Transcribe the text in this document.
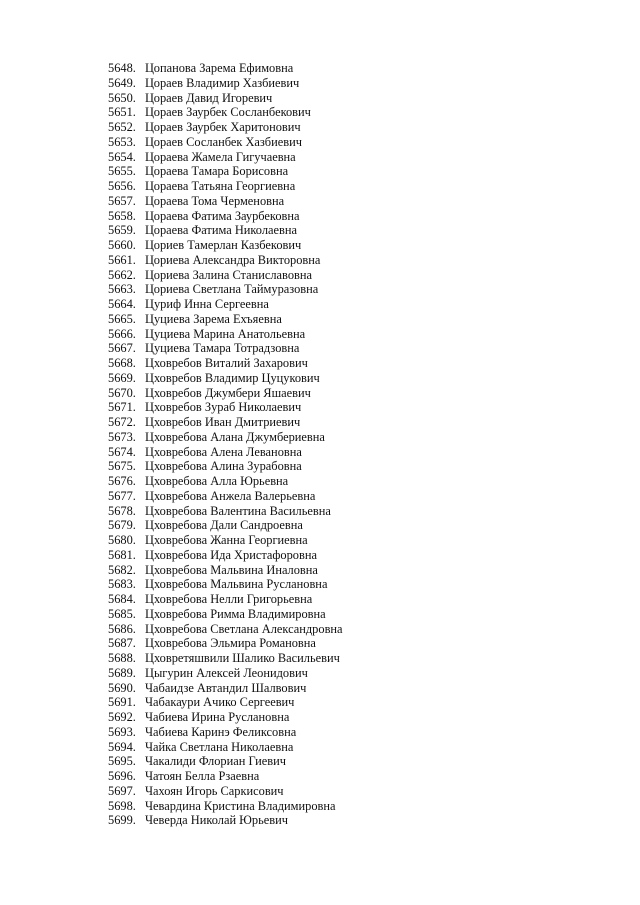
5648. Цопанова Зарема Ефимовна
5649. Цораев Владимир Хазбиевич
5650. Цораев Давид Игоревич
5651. Цораев Заурбек Сосланбекович
5652. Цораев Заурбек Харитонович
5653. Цораев Сосланбек Хазбиевич
5654. Цораева Жамела Гигучаевна
5655. Цораева Тамара Борисовна
5656. Цораева Татьяна Георгиевна
5657. Цораева Тома Черменовна
5658. Цораева Фатима Заурбековна
5659. Цораева Фатима Николаевна
5660. Цориев Тамерлан Казбекович
5661. Цориева Александра Викторовна
5662. Цориева Залина Станиславовна
5663. Цориева Светлана Таймуразовна
5664. Цуриф Инна Сергеевна
5665. Цуциева Зарема Ехъяевна
5666. Цуциева Марина Анатольевна
5667. Цуциева Тамара Тотрадзовна
5668. Цховребов Виталий Захарович
5669. Цховребов Владимир Цуцукович
5670. Цховребов Джумбери Яшаевич
5671. Цховребов Зураб Николаевич
5672. Цховребов Иван Дмитриевич
5673. Цховребова Алана Джумбериевна
5674. Цховребова Алена Левановна
5675. Цховребова Алина Зурабовна
5676. Цховребова Алла Юрьевна
5677. Цховребова Анжела Валерьевна
5678. Цховребова Валентина Васильевна
5679. Цховребова Дали Сандроевна
5680. Цховребова Жанна Георгиевна
5681. Цховребова Ида Христафоровна
5682. Цховребова Мальвина Иналовна
5683. Цховребова Мальвина Руслановна
5684. Цховребова Нелли Григорьевна
5685. Цховребова Римма Владимировна
5686. Цховребова Светлана Александровна
5687. Цховребова Эльмира Романовна
5688. Цховретяшвили Шалико Васильевич
5689. Цыгурин Алексей Леонидович
5690. Чабаидзе Автандил Шалвович
5691. Чабакаури Ачико Сергеевич
5692. Чабиева Ирина Руслановна
5693. Чабиева Каринэ Феликсовна
5694. Чайка Светлана Николаевна
5695. Чакалиди Флориан Гиевич
5696. Чатоян Белла Рзаевна
5697. Чахоян Игорь Саркисович
5698. Чевардина Кристина Владимировна
5699. Чеверда Николай Юрьевич
